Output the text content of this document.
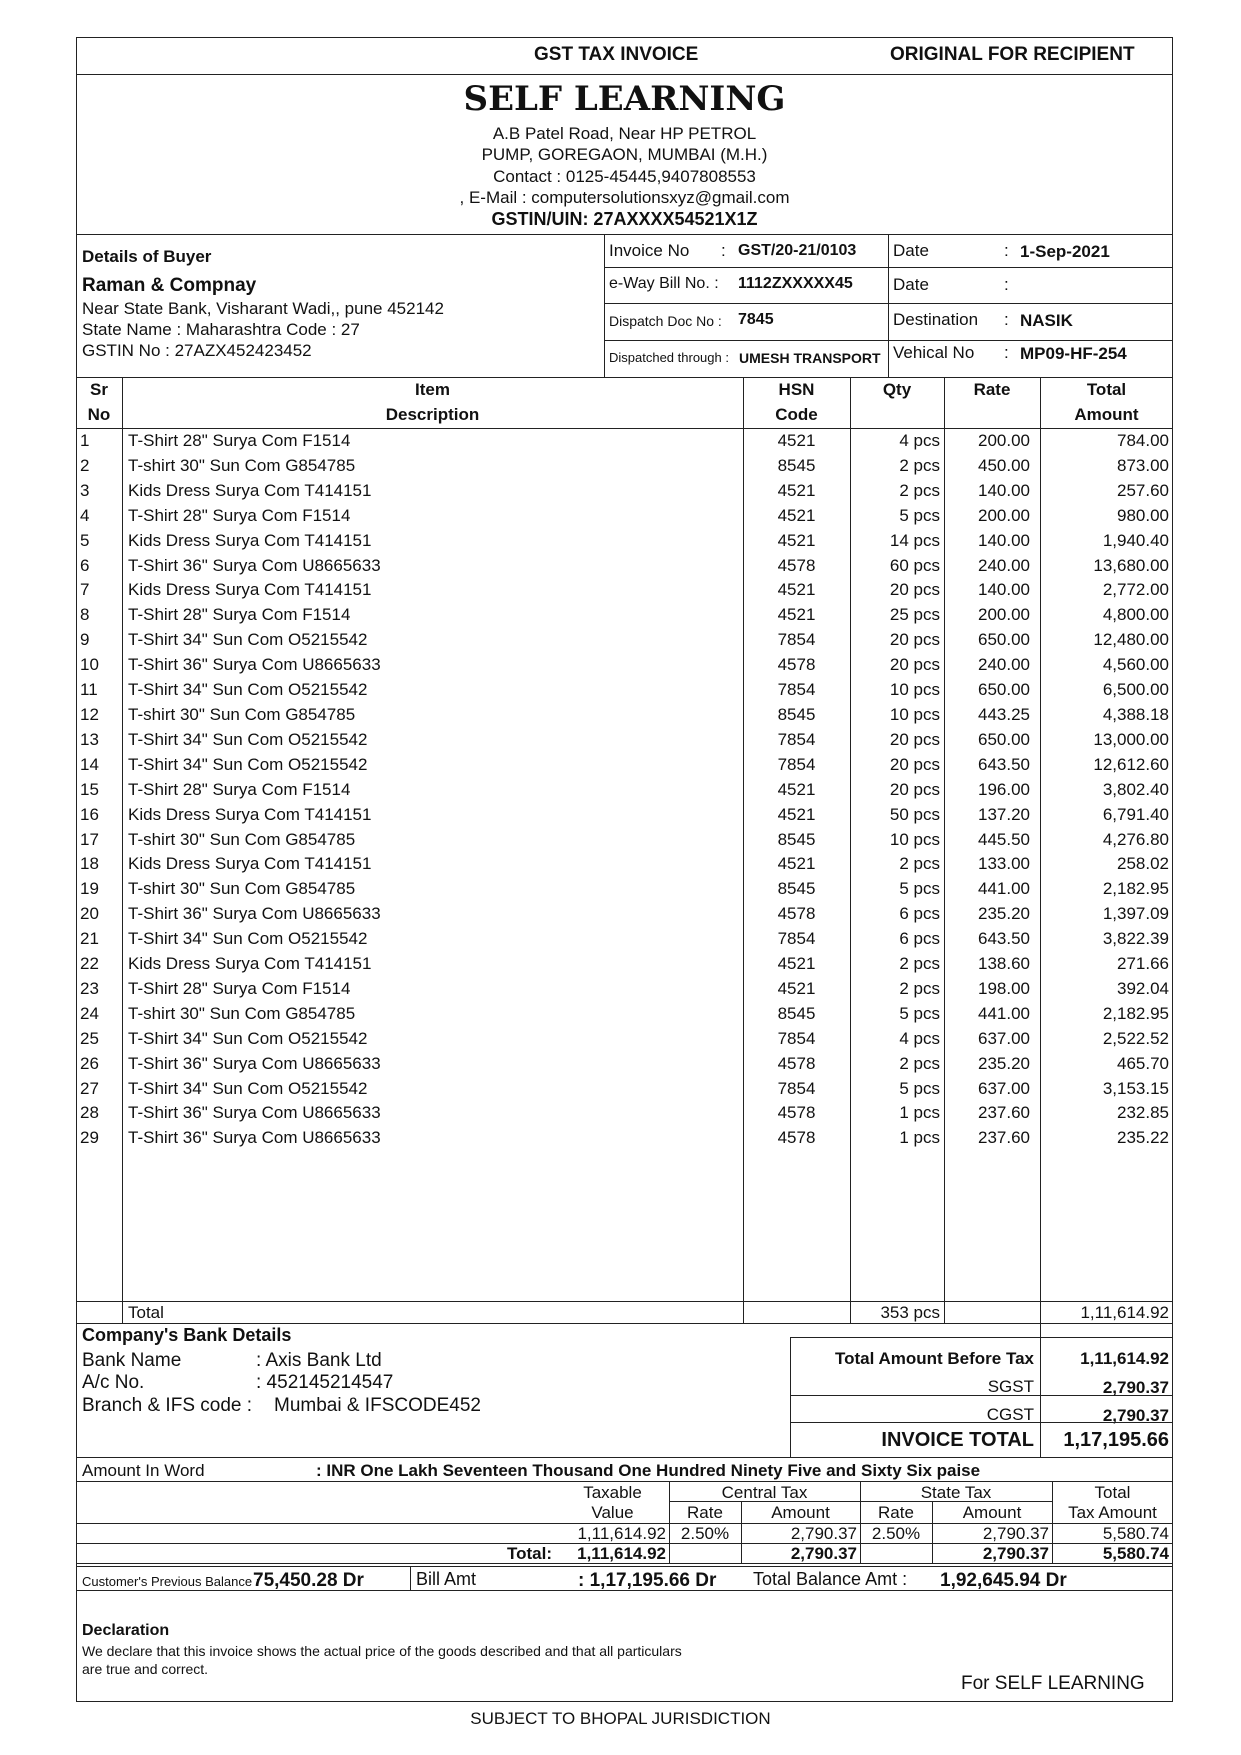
GST TAX INVOICE	ORIGINAL FOR RECIPIENT
SELF LEARNING
A.B Patel Road, Near HP PETROL
PUMP, GOREGAON, MUMBAI (M.H.)
Contact : 0125-45445,9407808553
, E-Mail : computersolutionsxyz@gmail.com
GSTIN/UIN: 27AXXXX54521X1Z
Details of Buyer
Raman & Compnay
Near State Bank, Visharant Wadi,, pune 452142
State Name : Maharashtra Code : 27
GSTIN No : 27AZX452423452
Invoice No : GST/20-21/0103 Date	: 1-Sep-2021
e-Way Bill No. : 1112ZXXXXX45 Date	:
Dispatch Doc No : 7845	Destination : NASIK
Dispatched through : UMESH TRANSPORT Vehical No : MP09-HF-254
Sr
No
Item
Description
HSN
Code
Qty	Rate	Total
Amount
1	T-Shirt 28" Surya Com F1514	4521	4 pcs	200.00	784.00
2	T-shirt 30" Sun Com G854785	8545	2 pcs	450.00	873.00
3	Kids Dress Surya Com T414151	4521	2 pcs	140.00	257.60
4	T-Shirt 28" Surya Com F1514	4521	5 pcs	200.00	980.00
5	Kids Dress Surya Com T414151	4521	14 pcs	140.00	1,940.40
6	T-Shirt 36" Surya Com U8665633	4578	60 pcs	240.00	13,680.00
7	Kids Dress Surya Com T414151	4521	20 pcs	140.00	2,772.00
8	T-Shirt 28" Surya Com F1514	4521	25 pcs	200.00	4,800.00
9	T-Shirt 34" Sun Com O5215542	7854	20 pcs	650.00	12,480.00
10	T-Shirt 36" Surya Com U8665633	4578	20 pcs	240.00	4,560.00
11	T-Shirt 34" Sun Com O5215542	7854	10 pcs	650.00	6,500.00
12	T-shirt 30" Sun Com G854785	8545	10 pcs	443.25	4,388.18
13	T-Shirt 34" Sun Com O5215542	7854	20 pcs	650.00	13,000.00
14	T-Shirt 34" Sun Com O5215542	7854	20 pcs	643.50	12,612.60
15	T-Shirt 28" Surya Com F1514	4521	20 pcs	196.00	3,802.40
16	Kids Dress Surya Com T414151	4521	50 pcs	137.20	6,791.40
17	T-shirt 30" Sun Com G854785	8545	10 pcs	445.50	4,276.80
18	Kids Dress Surya Com T414151	4521	2 pcs	133.00	258.02
19	T-shirt 30" Sun Com G854785	8545	5 pcs	441.00	2,182.95
20	T-Shirt 36" Surya Com U8665633	4578	6 pcs	235.20	1,397.09
21	T-Shirt 34" Sun Com O5215542	7854	6 pcs	643.50	3,822.39
22	Kids Dress Surya Com T414151	4521	2 pcs	138.60	271.66
23	T-Shirt 28" Surya Com F1514	4521	2 pcs	198.00	392.04
24	T-shirt 30" Sun Com G854785	8545	5 pcs	441.00	2,182.95
25	T-Shirt 34" Sun Com O5215542	7854	4 pcs	637.00	2,522.52
26	T-Shirt 36" Surya Com U8665633	4578	2 pcs	235.20	465.70
27	T-Shirt 34" Sun Com O5215542	7854	5 pcs	637.00	3,153.15
28	T-Shirt 36" Surya Com U8665633	4578	1 pcs	237.60	232.85
29	T-Shirt 36" Surya Com U8665633	4578	1 pcs	237.60	235.22
Total	353 pcs	1,11,614.92
Company's Bank Details
Bank Name	: Axis Bank Ltd
A/c No.	: 452145214547
Branch & IFS code : Mumbai & IFSCODE452
Total Amount Before Tax	1,11,614.92
SGST	2,790.37
CGST	2,790.37
INVOICE TOTAL	1,17,195.66
Amount In Word	: INR One Lakh Seventeen Thousand One Hundred Ninety Five and Sixty Six paise
Taxable
Value
Central Tax	State Tax	Total
Tax Amount
Rate	Amount	Rate	Amount
1,11,614.92 2.50%	2,790.37 2.50%	2,790.37	5,580.74
Total:	1,11,614.92	2,790.37	2,790.37	5,580.74
Customer's Previous Balance :
75,450.28 Dr	Bill Amt	: 1,17,195.66 Dr Total Balance Amt : 1,92,645.94 Dr
Declaration
We declare that this invoice shows the actual price of the goods described and that all particulars
are true and correct.
For SELF LEARNING
SUBJECT TO BHOPAL JURISDICTION
